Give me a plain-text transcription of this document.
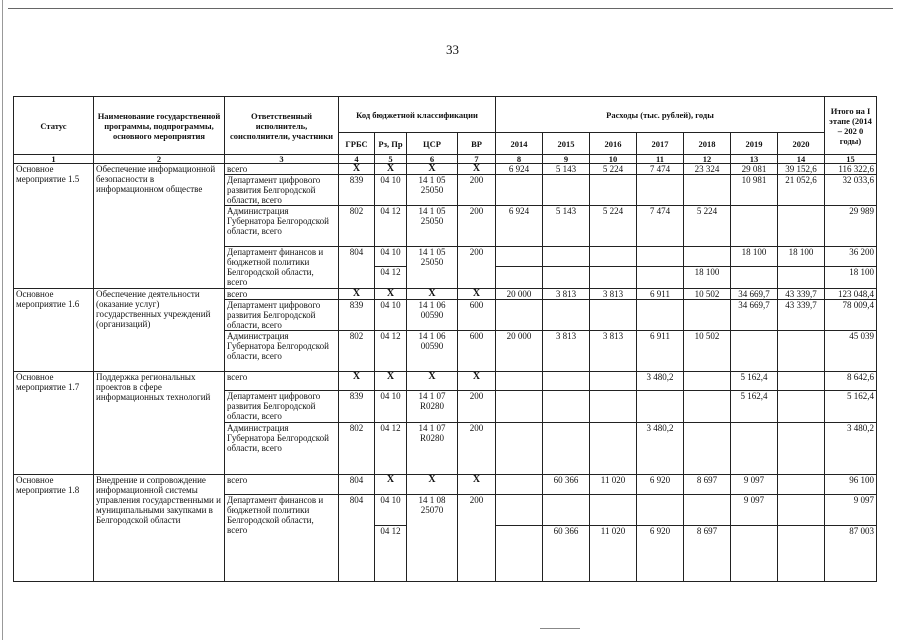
33
Статус	Наименование государственной программы, подпрограммы, основного мероприятия	Ответственный исполнитель, соисполнители, участники	Код бюджетной классификации				Расходы (тыс. рублей), годы							Итого на I этапе (2014 – 202 0 годы)
			ГРБС	Рз, Пр	ЦСР	ВР	2014	2015	2016	2017	2018	2019	2020	
1	2	3	4	5	6	7	8	9	10	11	12	13	14	15
Основное мероприятие 1.5	Обеспечение информационной безопасности в информационном обществе	всего	X	X	X	X	6 924	5 143	5 224	7 474	23 324	29 081	39 152,6	116 322,6
		Департамент цифрового развития Белгородской области, всего	839	04 10	14 1 05 25050	200						10 981	21 052,6	32 033,6
		Администрация Губернатора Белгородской области, всего	802	04 12	14 1 05 25050	200	6 924	5 143	5 224	7 474	5 224			29 989
		Департамент финансов и бюджетной политики Белгородской области, всего	804	04 10	14 1 05 25050	200						18 100	18 100	36 200
				04 12							18 100			18 100
Основное мероприятие 1.6	Обеспечение деятельности (оказание услуг) государственных учреждений (организаций)	всего	X	X	X	X	20 000	3 813	3 813	6 911	10 502	34 669,7	43 339,7	123 048,4
		Департамент цифрового развития Белгородской области, всего	839	04 10	14 1 06 00590	600						34 669,7	43 339,7	78 009,4
		Администрация Губернатора Белгородской области, всего	802	04 12	14 1 06 00590	600	20 000	3 813	3 813	6 911	10 502			45 039
Основное мероприятие 1.7	Поддержка региональных проектов в сфере информационных технологий	всего	X	X	X	X				3 480,2		5 162,4		8 642,6
		Департамент цифрового развития Белгородской области, всего	839	04 10	14 1 07 R0280	200						5 162,4		5 162,4
		Администрация Губернатора Белгородской области, всего	802	04 12	14 1 07 R0280	200				3 480,2				3 480,2
Основное мероприятие 1.8	Внедрение и сопровождение информационной системы управления государственными и муниципальными закупками в Белгородской области	всего	804	X	X	X		60 366	11 020	6 920	8 697	9 097		96 100
		Департамент финансов и бюджетной политики Белгородской области, всего	804	04 10	14 1 08 25070	200						9 097		9 097
				04 12				60 366	11 020	6 920	8 697			87 003
